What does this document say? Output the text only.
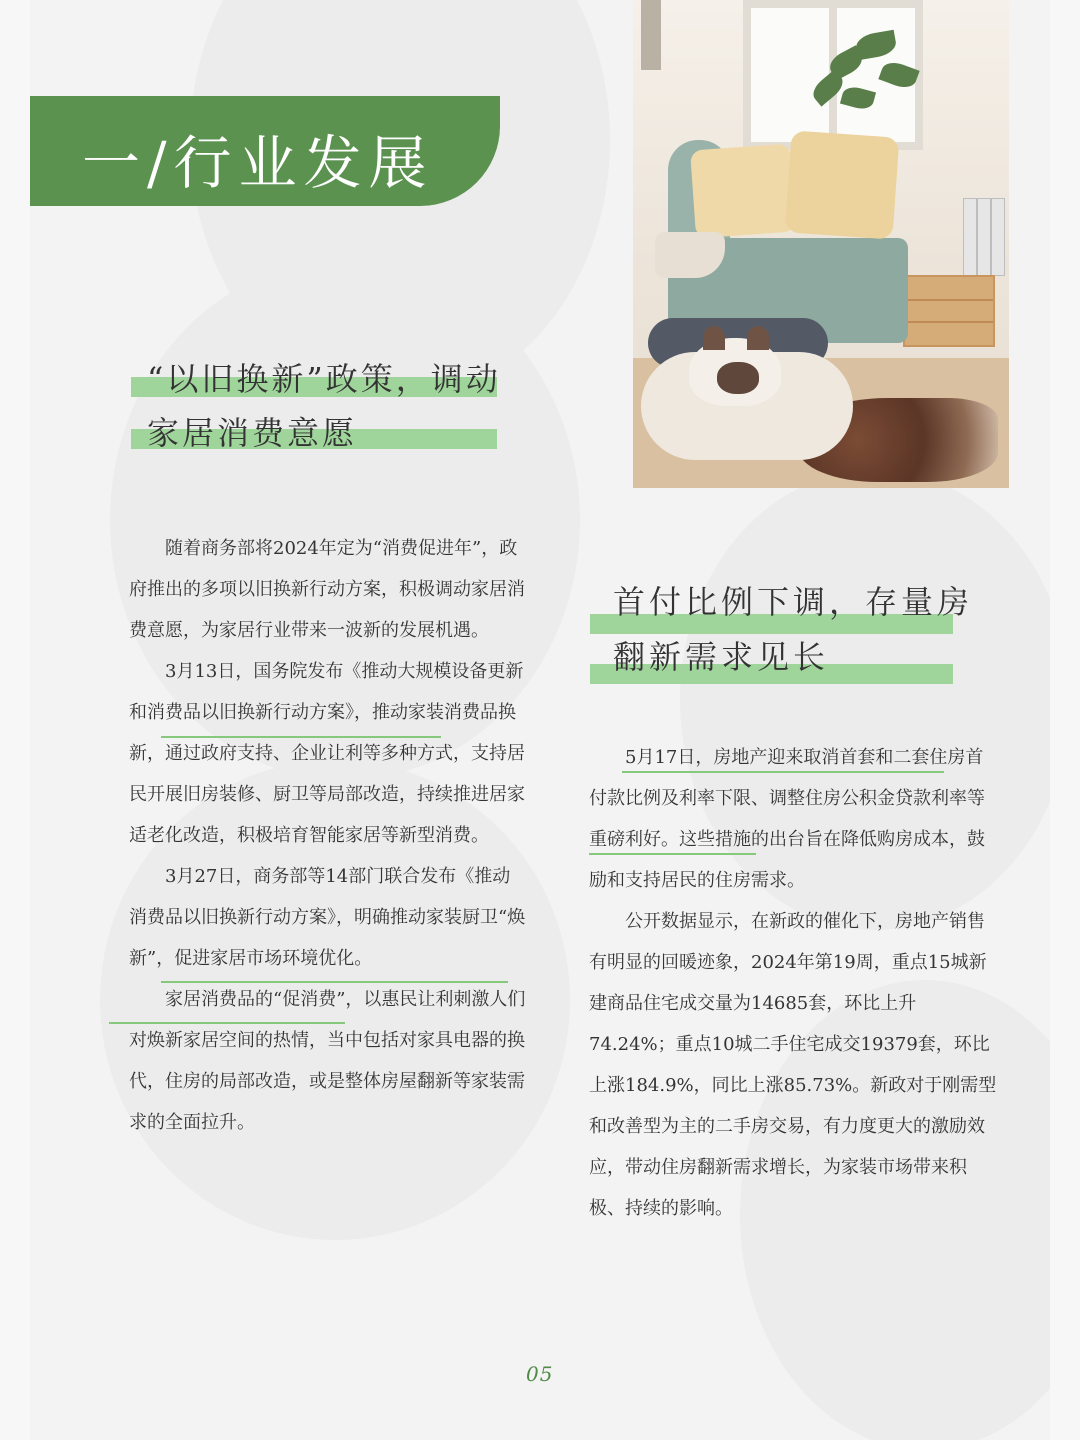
一/行业发展
“以旧换新”政策，调动家居消费意愿
首付比例下调，存量房翻新需求见长

随着商务部将2024年定为“消费促进年”，政府推出的多项以旧换新行动方案，积极调动家居消费意愿，为家居行业带来一波新的发展机遇。

3月13日，国务院发布《推动大规模设备更新和消费品以旧换新行动方案》，推动家装消费品换新，通过政府支持、企业让利等多种方式，支持居民开展旧房装修、厨卫等局部改造，持续推进居家适老化改造，积极培育智能家居等新型消费。

3月27日，商务部等14部门联合发布《推动消费品以旧换新行动方案》，明确推动家装厨卫“焕新”，促进家居市场环境优化。

家居消费品的“促消费”，以惠民让利刺激人们对焕新家居空间的热情，当中包括对家具电器的换代，住房的局部改造，或是整体房屋翻新等家装需求的全面拉升。

5月17日，房地产迎来取消首套和二套住房首付款比例及利率下限、调整住房公积金贷款利率等重磅利好。这些措施的出台旨在降低购房成本，鼓励和支持居民的住房需求。

公开数据显示，在新政的催化下，房地产销售有明显的回暖迹象，2024年第19周，重点15城新建商品住宅成交量为14685套，环比上升74.24%；重点10城二手住宅成交19379套，环比上涨184.9%，同比上涨85.73%。新政对于刚需型和改善型为主的二手房交易，有力度更大的激励效应，带动住房翻新需求增长，为家装市场带来积极、持续的影响。

05
